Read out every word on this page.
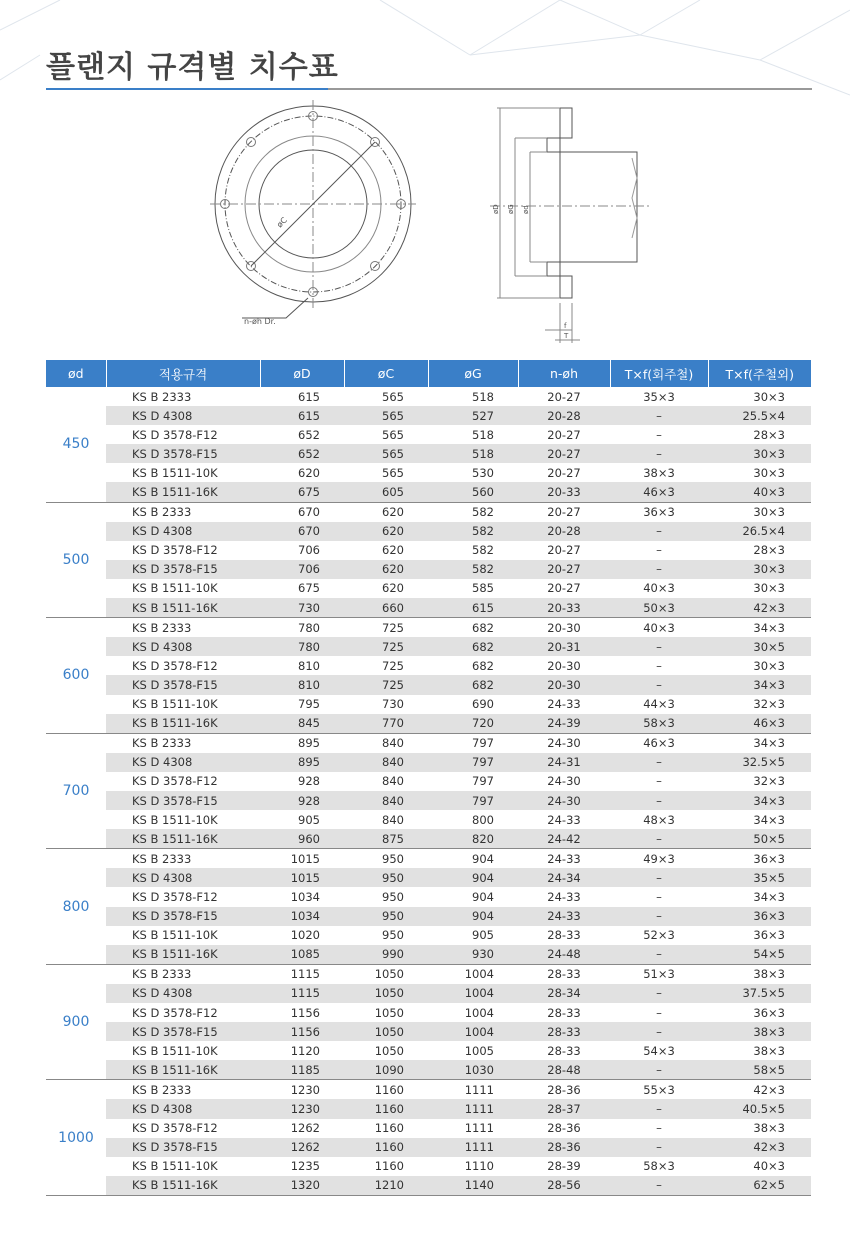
플랜지 규격별 치수표
øC
n-øh Dr.
øD øG ød
f
T
ød	적용규격	øD	øC	øG	n-øh	T×f(회주철)	T×f(주철외)
450	KS B 2333	615	565	518	20-27	35×3	30×3
	KS D 4308	615	565	527	20-28	–	25.5×4
	KS D 3578-F12	652	565	518	20-27	–	28×3
	KS D 3578-F15	652	565	518	20-27	–	30×3
	KS B 1511-10K	620	565	530	20-27	38×3	30×3
	KS B 1511-16K	675	605	560	20-33	46×3	40×3
500	KS B 2333	670	620	582	20-27	36×3	30×3
	KS D 4308	670	620	582	20-28	–	26.5×4
	KS D 3578-F12	706	620	582	20-27	–	28×3
	KS D 3578-F15	706	620	582	20-27	–	30×3
	KS B 1511-10K	675	620	585	20-27	40×3	30×3
	KS B 1511-16K	730	660	615	20-33	50×3	42×3
600	KS B 2333	780	725	682	20-30	40×3	34×3
	KS D 4308	780	725	682	20-31	–	30×5
	KS D 3578-F12	810	725	682	20-30	–	30×3
	KS D 3578-F15	810	725	682	20-30	–	34×3
	KS B 1511-10K	795	730	690	24-33	44×3	32×3
	KS B 1511-16K	845	770	720	24-39	58×3	46×3
700	KS B 2333	895	840	797	24-30	46×3	34×3
	KS D 4308	895	840	797	24-31	–	32.5×5
	KS D 3578-F12	928	840	797	24-30	–	32×3
	KS D 3578-F15	928	840	797	24-30	–	34×3
	KS B 1511-10K	905	840	800	24-33	48×3	34×3
	KS B 1511-16K	960	875	820	24-42	–	50×5
800	KS B 2333	1015	950	904	24-33	49×3	36×3
	KS D 4308	1015	950	904	24-34	–	35×5
	KS D 3578-F12	1034	950	904	24-33	–	34×3
	KS D 3578-F15	1034	950	904	24-33	–	36×3
	KS B 1511-10K	1020	950	905	28-33	52×3	36×3
	KS B 1511-16K	1085	990	930	24-48	–	54×5
900	KS B 2333	1115	1050	1004	28-33	51×3	38×3
	KS D 4308	1115	1050	1004	28-34	–	37.5×5
	KS D 3578-F12	1156	1050	1004	28-33	–	36×3
	KS D 3578-F15	1156	1050	1004	28-33	–	38×3
	KS B 1511-10K	1120	1050	1005	28-33	54×3	38×3
	KS B 1511-16K	1185	1090	1030	28-48	–	58×5
1000	KS B 2333	1230	1160	1111	28-36	55×3	42×3
	KS D 4308	1230	1160	1111	28-37	–	40.5×5
	KS D 3578-F12	1262	1160	1111	28-36	–	38×3
	KS D 3578-F15	1262	1160	1111	28-36	–	42×3
	KS B 1511-10K	1235	1160	1110	28-39	58×3	40×3
	KS B 1511-16K	1320	1210	1140	28-56	–	62×5
